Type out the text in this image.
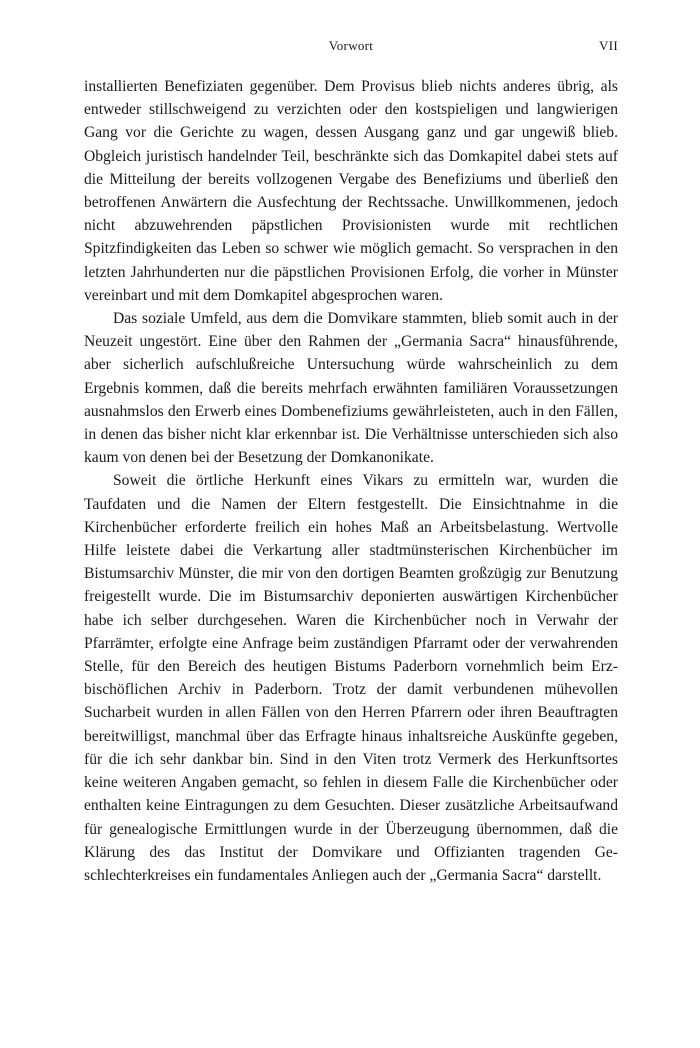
Vorwort	VII

installierten Benefiziaten gegenüber. Dem Provisus blieb nichts anderes übrig, als entweder stillschweigend zu verzichten oder den kostspieligen und langwierigen Gang vor die Gerichte zu wagen, dessen Ausgang ganz und gar ungewiß blieb. Obgleich juristisch handelnder Teil, beschränkte sich das Domkapitel dabei stets auf die Mitteilung der bereits vollzogenen Vergabe des Benefiziums und überließ den betroffenen Anwärtern die Ausfechtung der Rechtssache. Unwillkommenen, jedoch nicht abzuwehrenden päpstlichen Provisionisten wurde mit rechtlichen Spitzfindigkeiten das Leben so schwer wie möglich gemacht. So versprachen in den letzten Jahrhunderten nur die päpstlichen Provisionen Erfolg, die vorher in Münster vereinbart und mit dem Domkapitel abgesprochen waren.

Das soziale Umfeld, aus dem die Domvikare stammten, blieb somit auch in der Neuzeit ungestört. Eine über den Rahmen der „Germania Sacra“ hinausführende, aber sicherlich aufschlußreiche Untersuchung würde wahrscheinlich zu dem Ergebnis kommen, daß die bereits mehrfach erwähnten familiären Voraussetzungen ausnahmslos den Erwerb eines Dombenefiziums gewährleisteten, auch in den Fällen, in denen das bisher nicht klar erkennbar ist. Die Verhältnisse unterschieden sich also kaum von denen bei der Besetzung der Domkanonikate.

Soweit die örtliche Herkunft eines Vikars zu ermitteln war, wurden die Taufdaten und die Namen der Eltern festgestellt. Die Einsichtnahme in die Kirchenbücher erforderte freilich ein hohes Maß an Arbeitsbelastung. Wertvolle Hilfe leistete dabei die Verkartung aller stadtmünsterischen Kirchenbücher im Bistumsarchiv Münster, die mir von den dortigen Beamten großzügig zur Benutzung freigestellt wurde. Die im Bistumsarchiv deponierten auswärtigen Kirchenbücher habe ich selber durchgesehen. Waren die Kirchenbücher noch in Verwahr der Pfarrämter, erfolgte eine Anfrage beim zuständigen Pfarramt oder der verwahrenden Stelle, für den Bereich des heutigen Bistums Paderborn vornehmlich beim Erzbischöflichen Archiv in Paderborn. Trotz der damit verbundenen mühevollen Sucharbeit wurden in allen Fällen von den Herren Pfarrern oder ihren Beauftragten bereitwilligst, manchmal über das Erfragte hinaus inhaltsreiche Auskünfte gegeben, für die ich sehr dankbar bin. Sind in den Viten trotz Vermerk des Herkunftsortes keine weiteren Angaben gemacht, so fehlen in diesem Falle die Kirchenbücher oder enthalten keine Eintragungen zu dem Gesuchten. Dieser zusätzliche Arbeitsaufwand für genealogische Ermittlungen wurde in der Überzeugung übernommen, daß die Klärung des das Institut der Domvikare und Offizianten tragenden Geschlechterkreises ein fundamentales Anliegen auch der „Germania Sacra“ darstellt.
